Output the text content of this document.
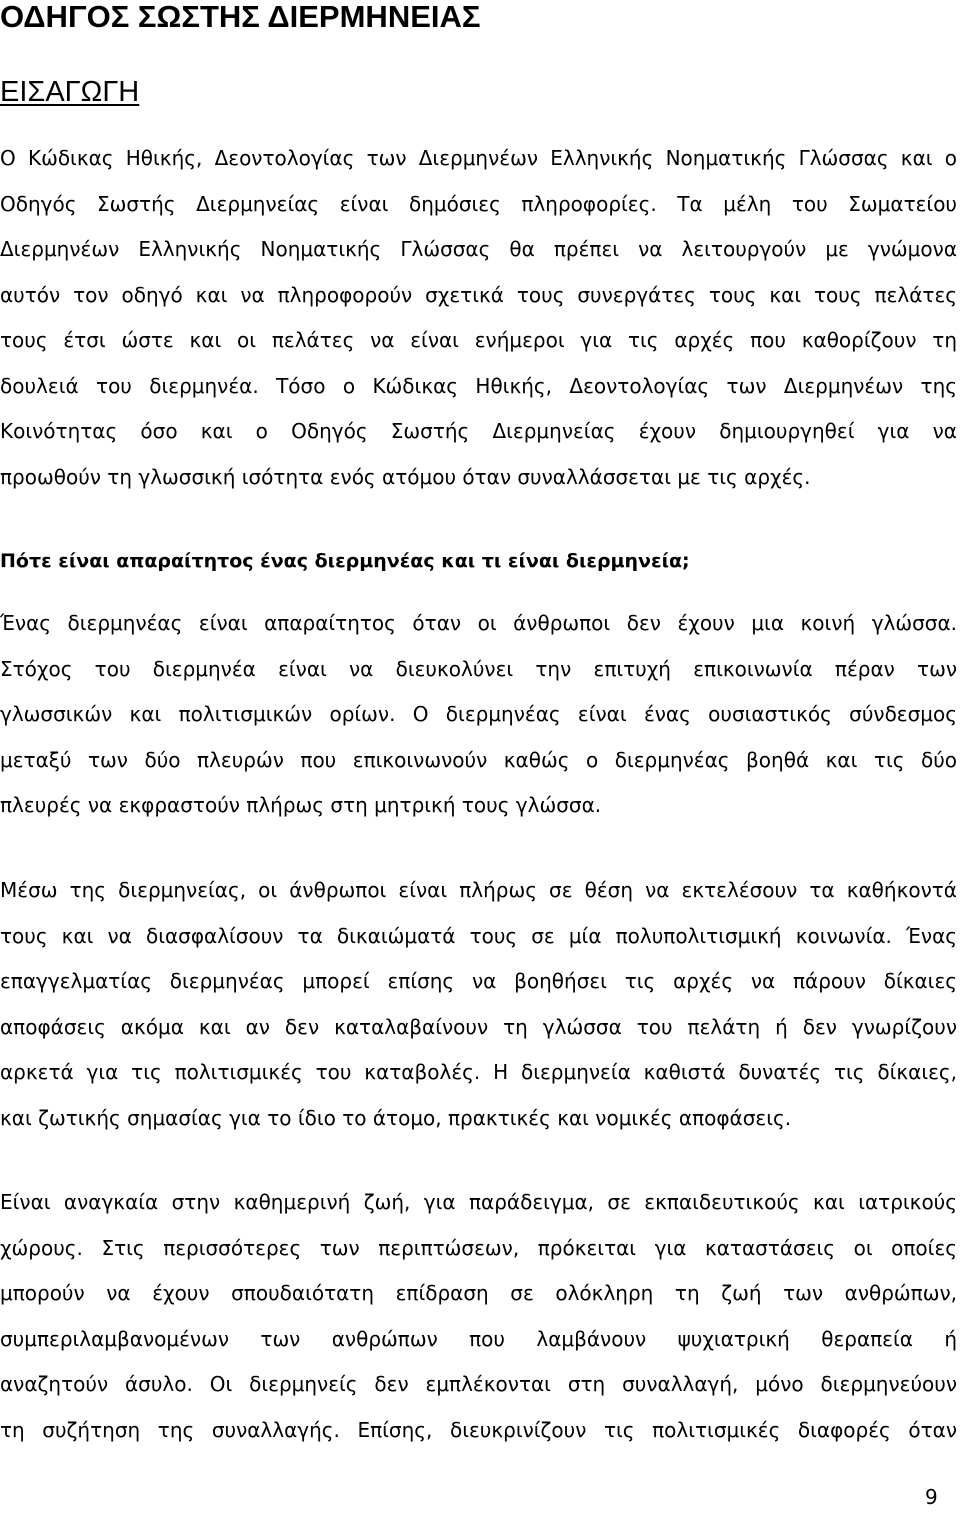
ΟΔΗΓΟΣ ΣΩΣΤΗΣ ΔΙΕΡΜΗΝΕΙΑΣ
ΕΙΣΑΓΩΓΗ
Ο Κώδικας Ηθικής, Δεοντολογίας των Διερμηνέων Ελληνικής Νοηματικής Γλώσσας και ο
Οδηγός Σωστής Διερμηνείας είναι δημόσιες πληροφορίες. Τα μέλη του Σωματείου
Διερμηνέων Ελληνικής Νοηματικής Γλώσσας θα πρέπει να λειτουργούν με γνώμονα
αυτόν τον οδηγό και να πληροφορούν σχετικά τους συνεργάτες τους και τους πελάτες
τους έτσι ώστε και οι πελάτες να είναι ενήμεροι για τις αρχές που καθορίζουν τη
δουλειά του διερμηνέα. Τόσο ο Κώδικας Ηθικής, Δεοντολογίας των Διερμηνέων της
Κοινότητας όσο και ο Οδηγός Σωστής Διερμηνείας έχουν δημιουργηθεί για να
προωθούν τη γλωσσική ισότητα ενός ατόμου όταν συναλλάσσεται με τις αρχές.
Πότε είναι απαραίτητος ένας διερμηνέας και τι είναι διερμηνεία;
Ένας διερμηνέας είναι απαραίτητος όταν οι άνθρωποι δεν έχουν μια κοινή γλώσσα.
Στόχος του διερμηνέα είναι να διευκολύνει την επιτυχή επικοινωνία πέραν των
γλωσσικών και πολιτισμικών ορίων. Ο διερμηνέας είναι ένας ουσιαστικός σύνδεσμος
μεταξύ των δύο πλευρών που επικοινωνούν καθώς ο διερμηνέας βοηθά και τις δύο
πλευρές να εκφραστούν πλήρως στη μητρική τους γλώσσα.
Μέσω της διερμηνείας, οι άνθρωποι είναι πλήρως σε θέση να εκτελέσουν τα καθήκοντά
τους και να διασφαλίσουν τα δικαιώματά τους σε μία πολυπολιτισμική κοινωνία. Ένας
επαγγελματίας διερμηνέας μπορεί επίσης να βοηθήσει τις αρχές να πάρουν δίκαιες
αποφάσεις ακόμα και αν δεν καταλαβαίνουν τη γλώσσα του πελάτη ή δεν γνωρίζουν
αρκετά για τις πολιτισμικές του καταβολές. Η διερμηνεία καθιστά δυνατές τις δίκαιες,
και ζωτικής σημασίας για το ίδιο το άτομο, πρακτικές και νομικές αποφάσεις.
Είναι αναγκαία στην καθημερινή ζωή, για παράδειγμα, σε εκπαιδευτικούς και ιατρικούς
χώρους. Στις περισσότερες των περιπτώσεων, πρόκειται για καταστάσεις οι οποίες
μπορούν να έχουν σπουδαιότατη επίδραση σε ολόκληρη τη ζωή των ανθρώπων,
συμπεριλαμβανομένων των ανθρώπων που λαμβάνουν ψυχιατρική θεραπεία ή
αναζητούν άσυλο. Οι διερμηνείς δεν εμπλέκονται στη συναλλαγή, μόνο διερμηνεύουν
τη συζήτηση της συναλλαγής. Επίσης, διευκρινίζουν τις πολιτισμικές διαφορές όταν
9
